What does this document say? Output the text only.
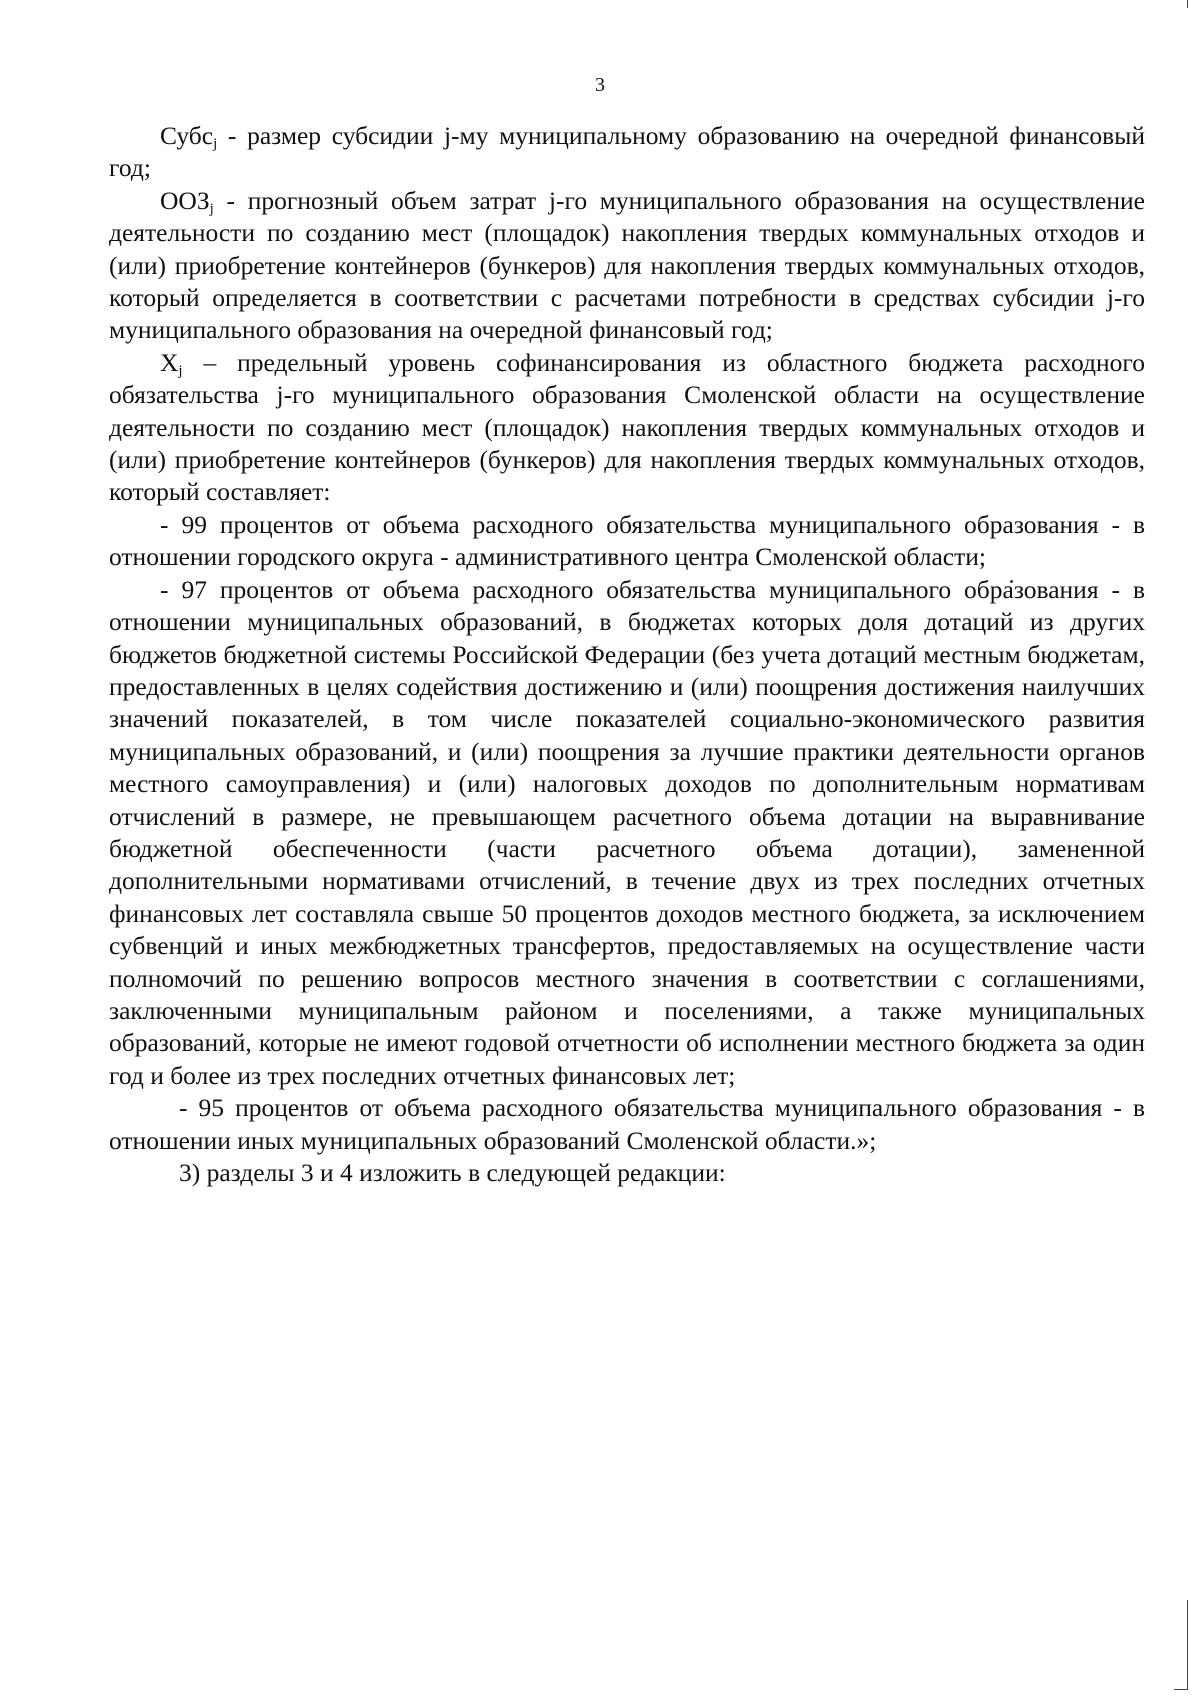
3

Субс$_j$ - размер субсидии j-му муниципальному образованию на очередной финансовый год;

$ООЗ_j$ - прогнозный объем затрат j-го муниципального образования на осуществление деятельности по созданию мест (площадок) накопления твердых коммунальных отходов и (или) приобретение контейнеров (бункеров) для накопления твердых коммунальных отходов, который определяется в соответствии с расчетами потребности в средствах субсидии j-го муниципального образования на очередной финансовый год;

$X_j$ – предельный уровень софинансирования из областного бюджета расходного обязательства j-го муниципального образования Смоленской области на осуществление деятельности по созданию мест (площадок) накопления твердых коммунальных отходов и (или) приобретение контейнеров (бункеров) для накопления твердых коммунальных отходов, который составляет:

- 99 процентов от объема расходного обязательства муниципального образования - в отношении городского округа - административного центра Смоленской области;

- 97 процентов от объема расходного обязательства муниципального образования - в отношении муниципальных образований, в бюджетах которых доля дотаций из других бюджетов бюджетной системы Российской Федерации (без учета дотаций местным бюджетам, предоставленных в целях содействия достижению и (или) поощрения достижения наилучших значений показателей, в том числе показателей социально-экономического развития муниципальных образований, и (или) поощрения за лучшие практики деятельности органов местного самоуправления) и (или) налоговых доходов по дополнительным нормативам отчислений в размере, не превышающем расчетного объема дотации на выравнивание бюджетной обеспеченности (части расчетного объема дотации), замененной дополнительными нормативами отчислений, в течение двух из трех последних отчетных финансовых лет составляла свыше 50 процентов доходов местного бюджета, за исключением субвенций и иных межбюджетных трансфертов, предоставляемых на осуществление части полномочий по решению вопросов местного значения в соответствии с соглашениями, заключенными муниципальным районом и поселениями, а также муниципальных образований, которые не имеют годовой отчетности об исполнении местного бюджета за один год и более из трех последних отчетных финансовых лет;

- 95 процентов от объема расходного обязательства муниципального образования - в отношении иных муниципальных образований Смоленской области.»;

3) разделы 3 и 4 изложить в следующей редакции:
